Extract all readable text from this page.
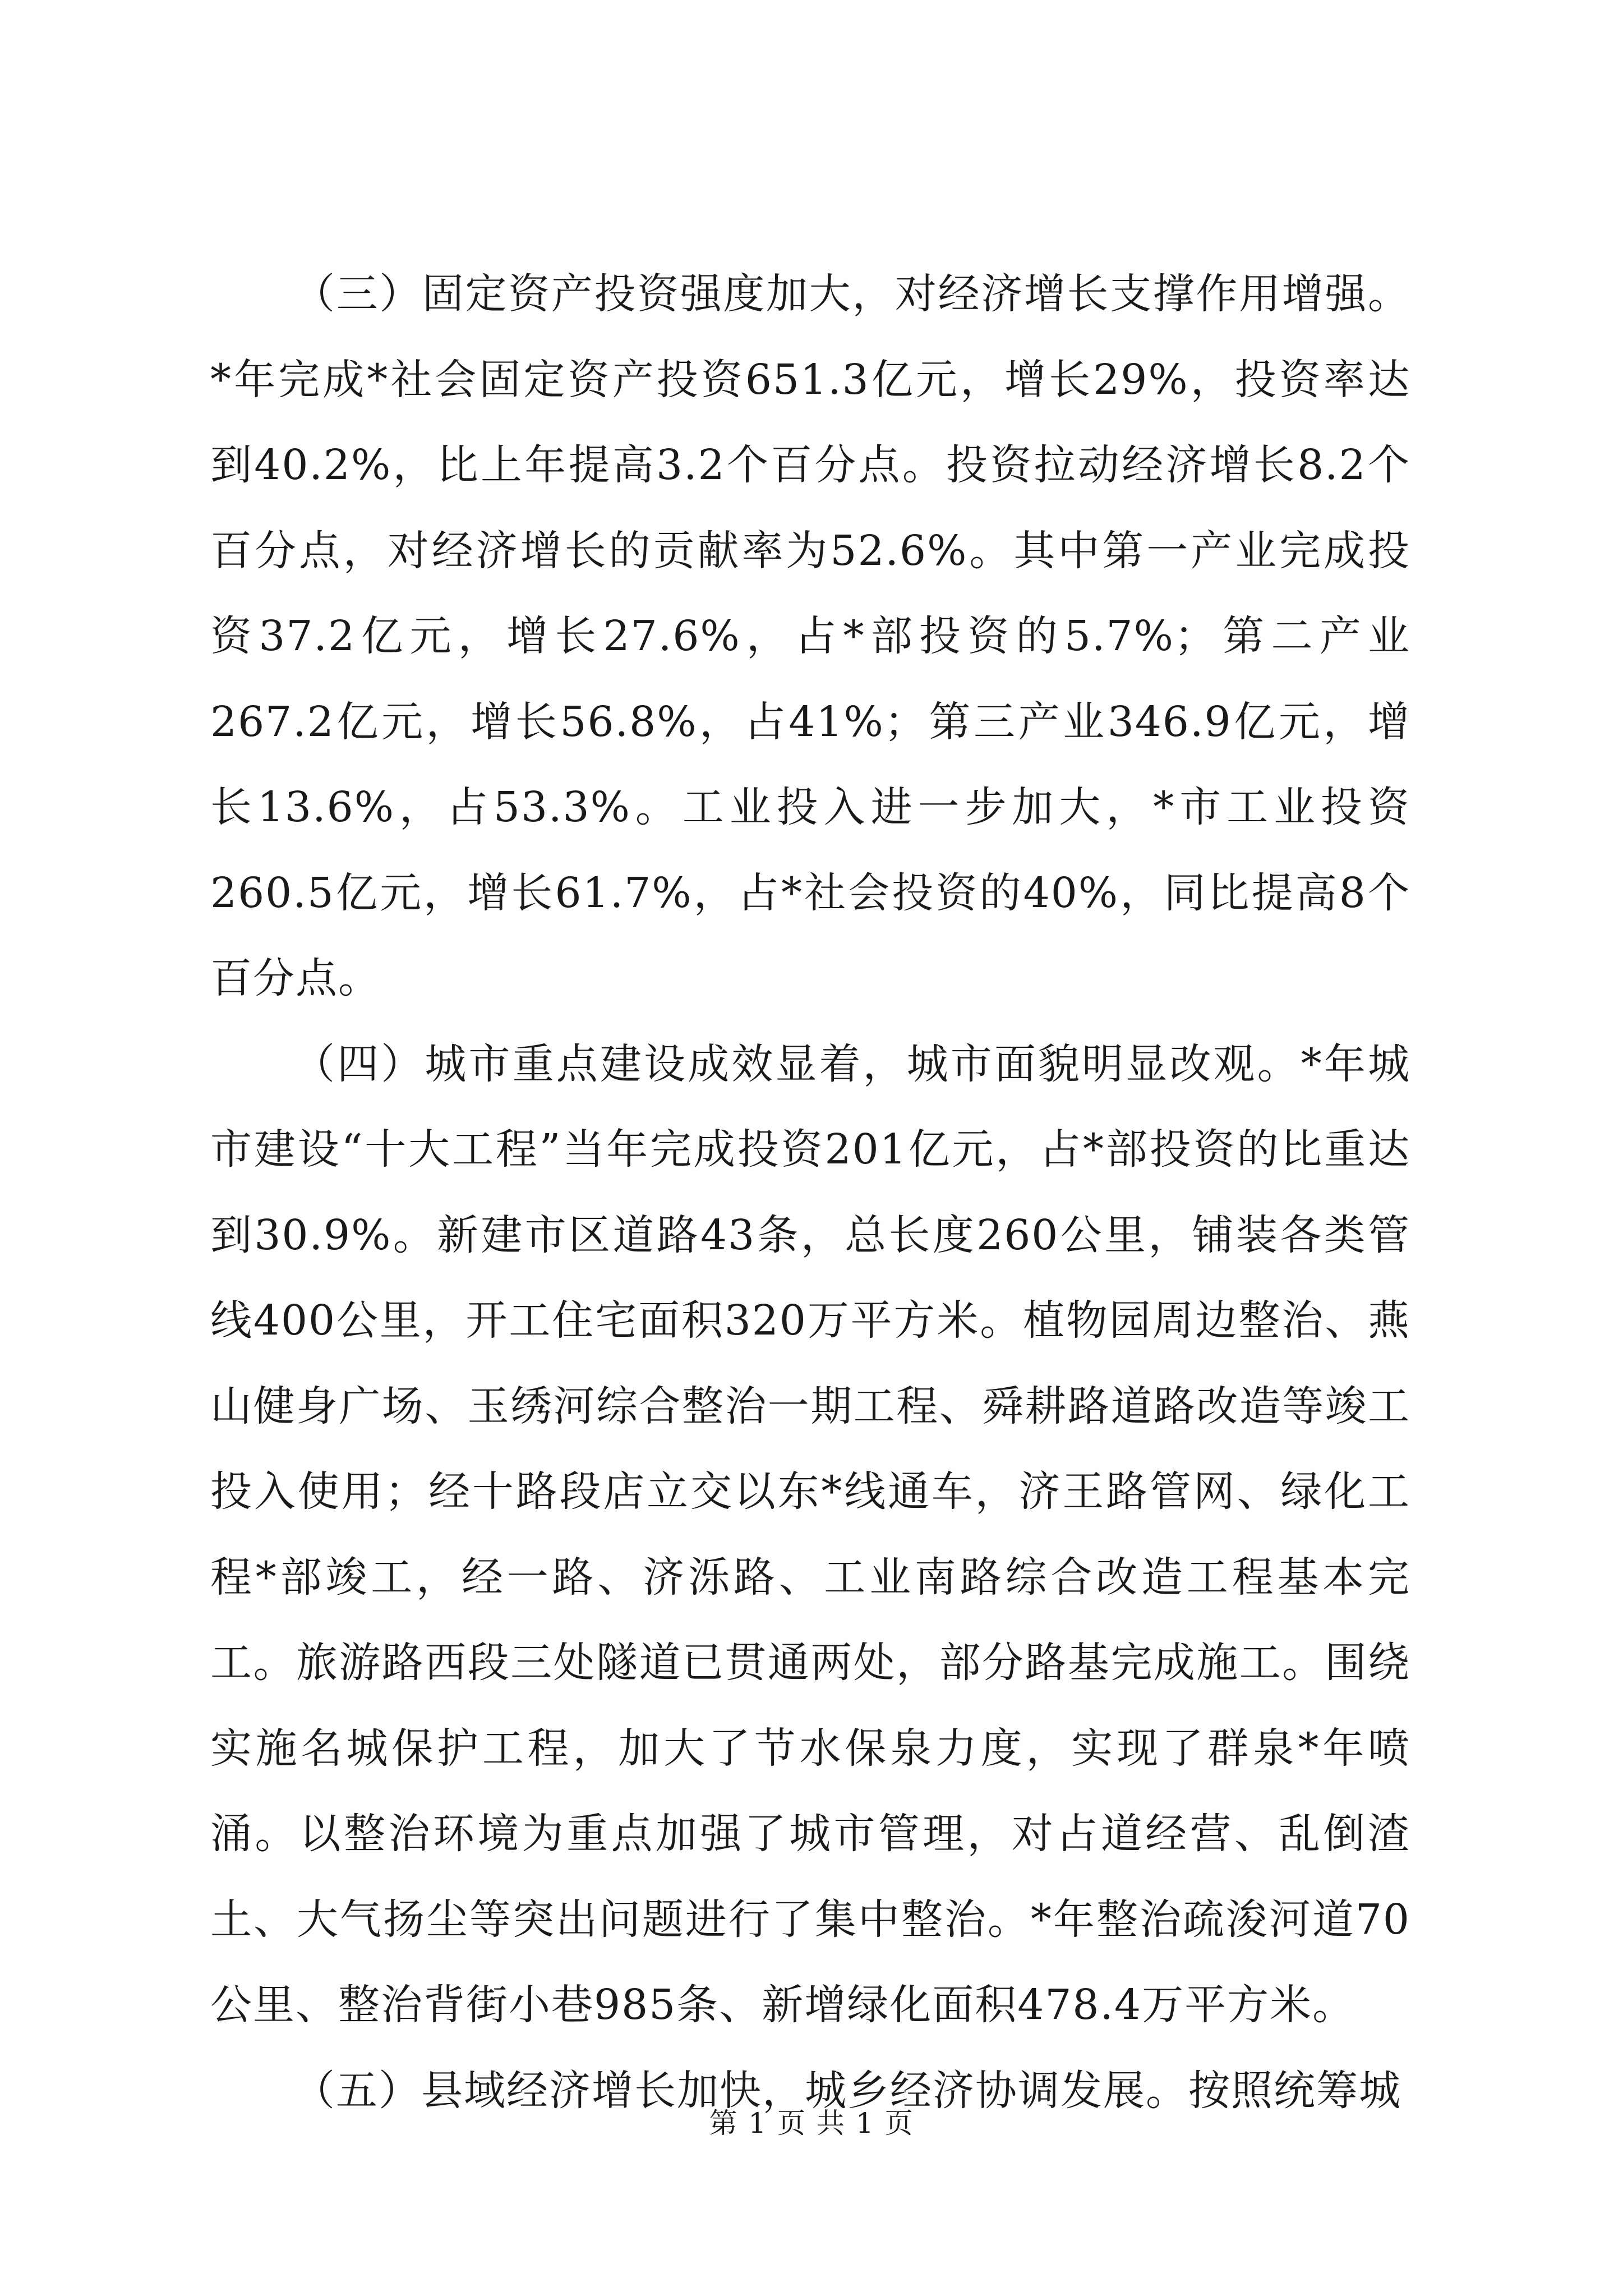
（三）固定资产投资强度加大，对经济增长支撑作用增强。*年完成*社会固定资产投资651.3亿元，增长29%，投资率达到40.2%，比上年提高3.2个百分点。投资拉动经济增长8.2个百分点，对经济增长的贡献率为52.6%。其中第一产业完成投资37.2亿元，增长27.6%，占*部投资的5.7%；第二产业267.2亿元，增长56.8%，占41%；第三产业346.9亿元，增长13.6%，占53.3%。工业投入进一步加大，*市工业投资260.5亿元，增长61.7%，占*社会投资的40%，同比提高8个百分点。

（四）城市重点建设成效显着，城市面貌明显改观。*年城市建设“十大工程”当年完成投资201亿元，占*部投资的比重达到30.9%。新建市区道路43条，总长度260公里，铺装各类管线400公里，开工住宅面积320万平方米。植物园周边整治、燕山健身广场、玉绣河综合整治一期工程、舜耕路道路改造等竣工投入使用；经十路段店立交以东*线通车，济王路管网、绿化工程*部竣工，经一路、济泺路、工业南路综合改造工程基本完工。旅游路西段三处隧道已贯通两处，部分路基完成施工。围绕实施名城保护工程，加大了节水保泉力度，实现了群泉*年喷涌。以整治环境为重点加强了城市管理，对占道经营、乱倒渣土、大气扬尘等突出问题进行了集中整治。*年整治疏浚河道70公里、整治背街小巷985条、新增绿化面积478.4万平方米。

（五）县域经济增长加快，城乡经济协调发展。按照统筹城

第 1 页 共 1 页
